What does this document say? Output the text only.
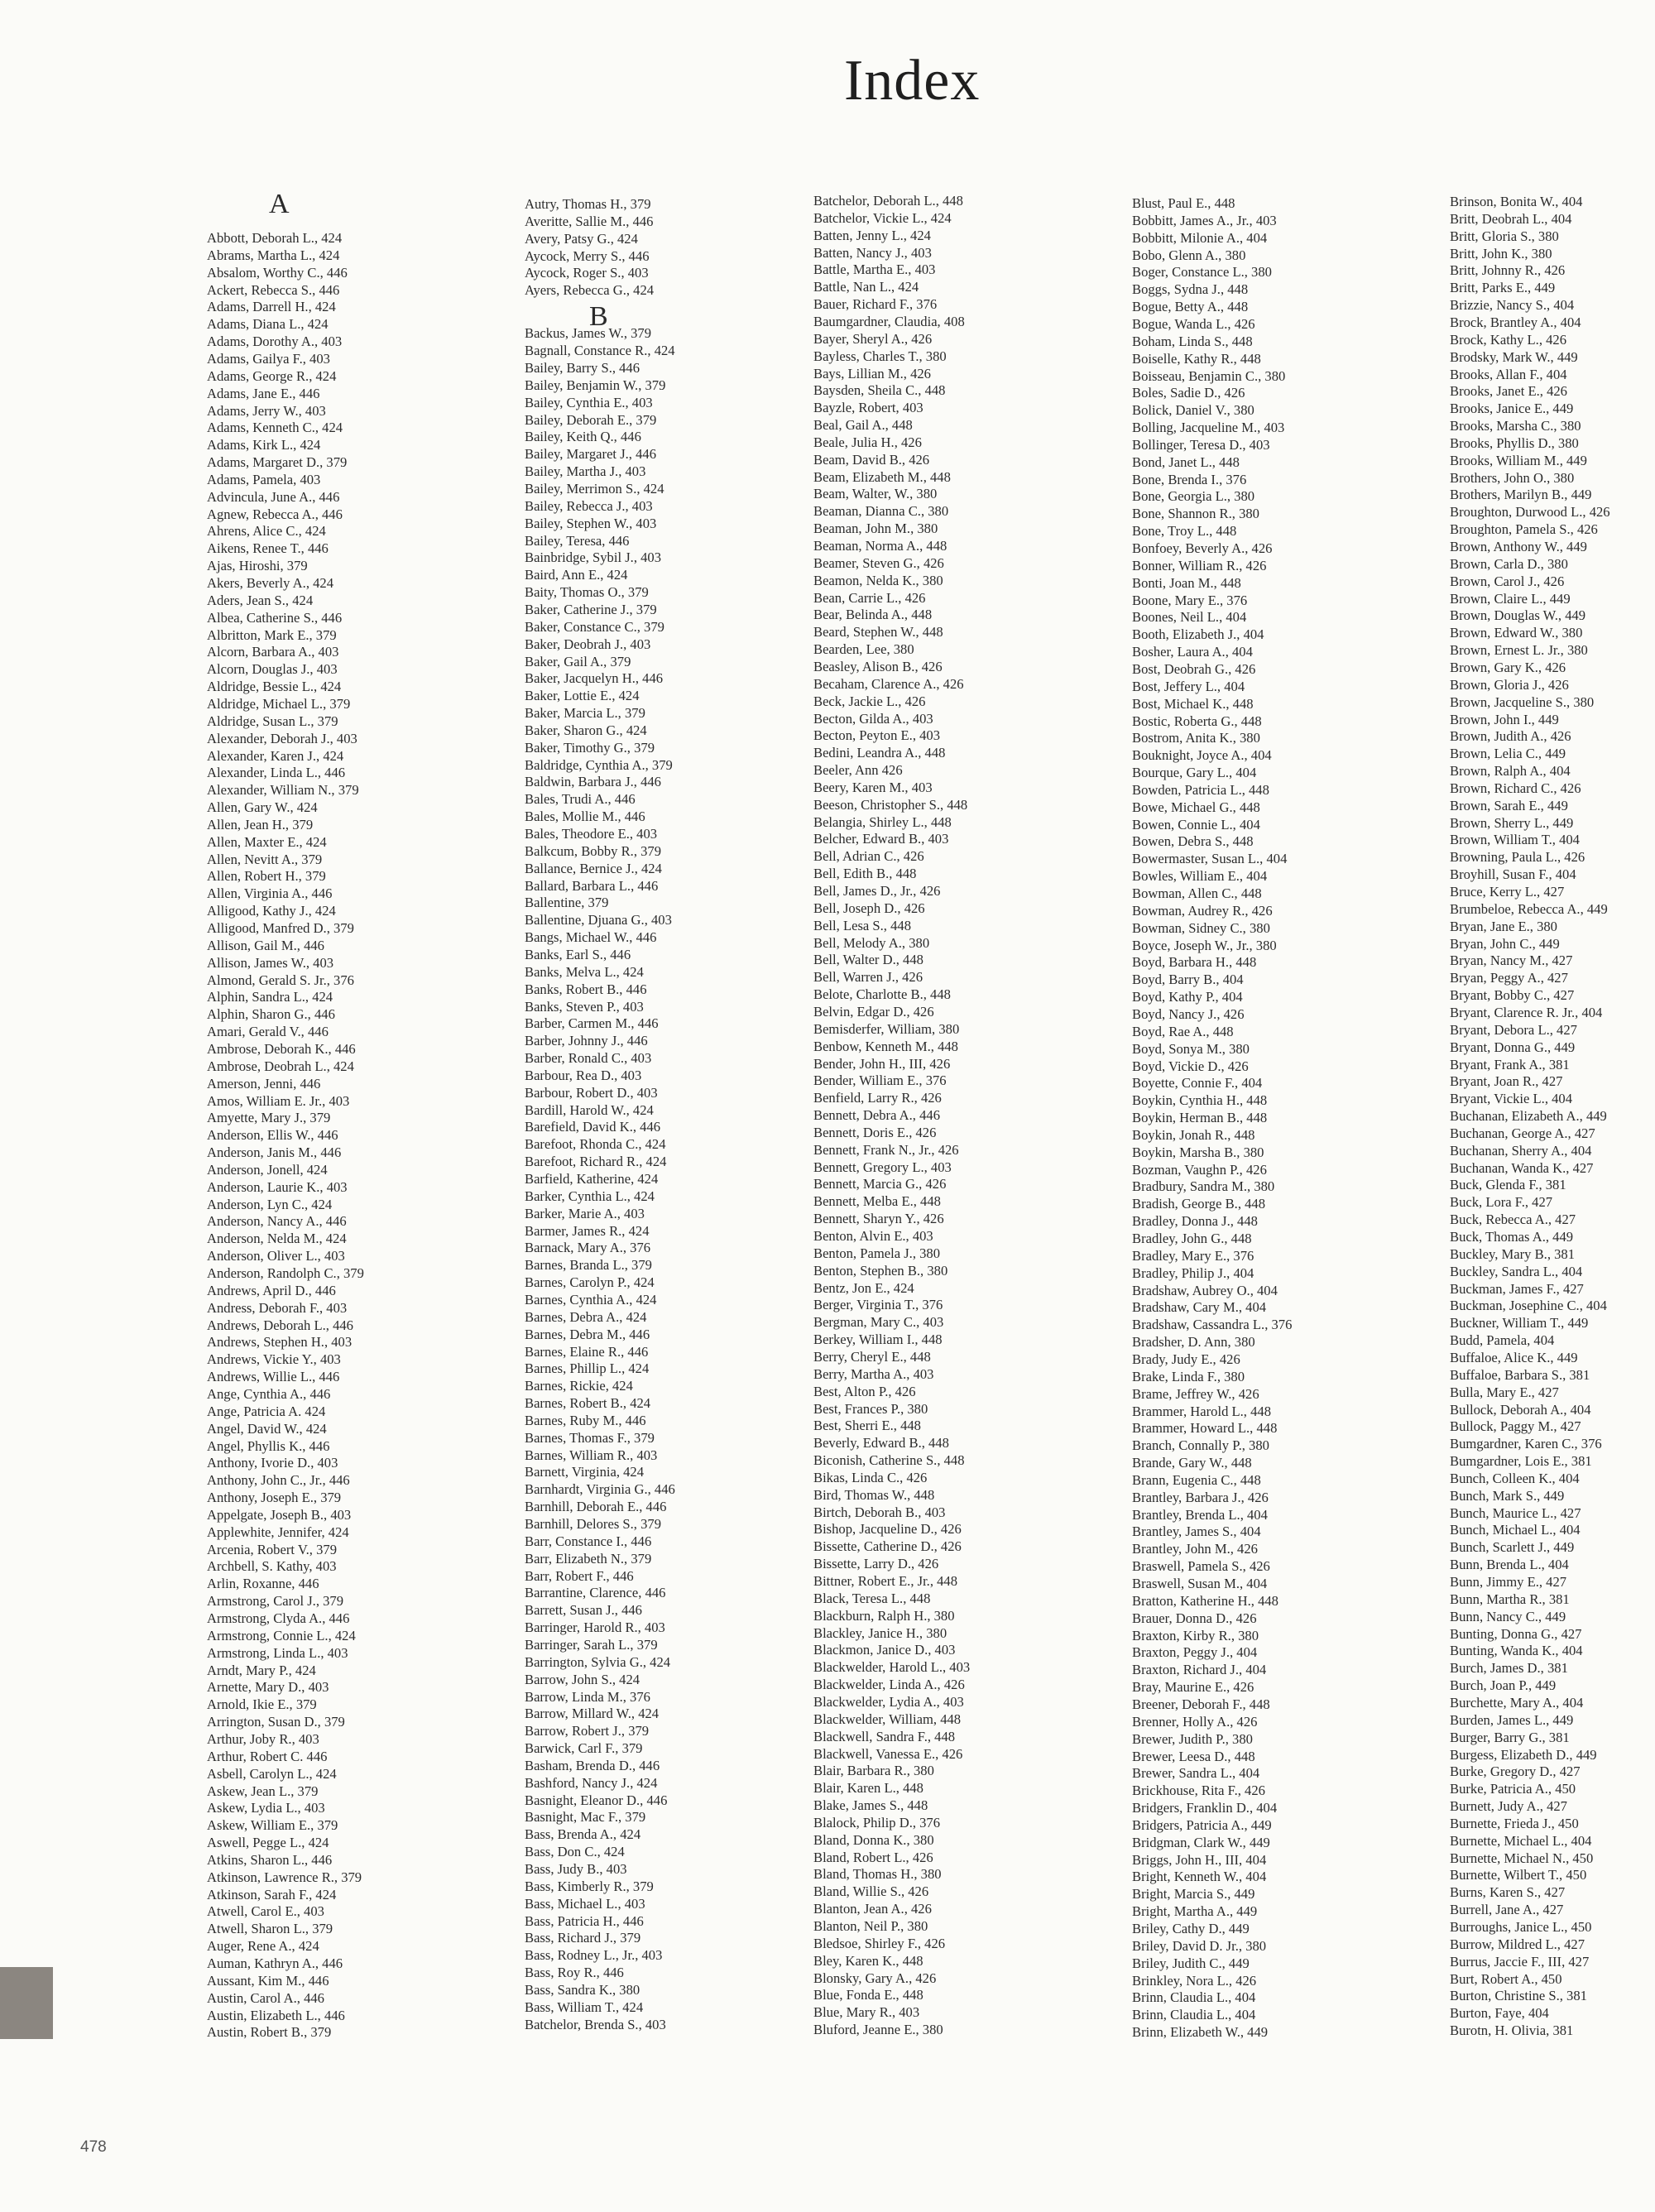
Index
Abbott, Deborah L., 424
Abrams, Martha L., 424
Absalom, Worthy C., 446
Ackert, Rebecca S., 446
Adams, Darrell H., 424
Adams, Diana L., 424
Adams, Dorothy A., 403
Adams, Gailya F., 403
Adams, George R., 424
Adams, Jane E., 446
Adams, Jerry W., 403
Adams, Kenneth C., 424
Adams, Kirk L., 424
Adams, Margaret D., 379
Adams, Pamela, 403
Advincula, June A., 446
Agnew, Rebecca A., 446
Ahrens, Alice C., 424
Aikens, Renee T., 446
Ajas, Hiroshi, 379
Akers, Beverly A., 424
Aders, Jean S., 424
Albea, Catherine S., 446
Albritton, Mark E., 379
Alcorn, Barbara A., 403
Alcorn, Douglas J., 403
Aldridge, Bessie L., 424
Aldridge, Michael L., 379
Aldridge, Susan L., 379
Alexander, Deborah J., 403
Alexander, Karen J., 424
Alexander, Linda L., 446
Alexander, William N., 379
Allen, Gary W., 424
Allen, Jean H., 379
Allen, Maxter E., 424
Allen, Nevitt A., 379
Allen, Robert H., 379
Allen, Virginia A., 446
Alligood, Kathy J., 424
Alligood, Manfred D., 379
Allison, Gail M., 446
Allison, James W., 403
Almond, Gerald S. Jr., 376
Alphin, Sandra L., 424
Alphin, Sharon G., 446
Amari, Gerald V., 446
Ambrose, Deborah K., 446
Ambrose, Deobrah L., 424
Amerson, Jenni, 446
Amos, William E. Jr., 403
Amyette, Mary J., 379
Anderson, Ellis W., 446
Anderson, Janis M., 446
Anderson, Jonell, 424
Anderson, Laurie K., 403
Anderson, Lyn C., 424
Anderson, Nancy A., 446
Anderson, Nelda M., 424
Anderson, Oliver L., 403
Anderson, Randolph C., 379
Andrews, April D., 446
Andress, Deborah F., 403
Andrews, Deborah L., 446
Andrews, Stephen H., 403
Andrews, Vickie Y., 403
Andrews, Willie L., 446
Ange, Cynthia A., 446
Ange, Patricia A. 424
Angel, David W., 424
Angel, Phyllis K., 446
Anthony, Ivorie D., 403
Anthony, John C., Jr., 446
Anthony, Joseph E., 379
Appelgate, Joseph B., 403
Applewhite, Jennifer, 424
Arcenia, Robert V., 379
Archbell, S. Kathy, 403
Arlin, Roxanne, 446
Armstrong, Carol J., 379
Armstrong, Clyda A., 446
Armstrong, Connie L., 424
Armstrong, Linda L., 403
Arndt, Mary P., 424
Arnette, Mary D., 403
Arnold, Ikie E., 379
Arrington, Susan D., 379
Arthur, Joby R., 403
Arthur, Robert C. 446
Asbell, Carolyn L., 424
Askew, Jean L., 379
Askew, Lydia L., 403
Askew, William E., 379
Aswell, Pegge L., 424
Atkins, Sharon L., 446
Atkinson, Lawrence R., 379
Atkinson, Sarah F., 424
Atwell, Carol E., 403
Atwell, Sharon L., 379
Auger, Rene A., 424
Auman, Kathryn A., 446
Aussant, Kim M., 446
Austin, Carol A., 446
Austin, Elizabeth L., 446
Austin, Robert B., 379
A	Autry, Thomas H., 379
Averitte, Sallie M., 446
Avery, Patsy G., 424
Aycock, Merry S., 446
Aycock, Roger S., 403
Ayers, Rebecca G., 424
Backus, James W., 379
Bagnall, Constance R., 424
Bailey, Barry S., 446
Bailey, Benjamin W., 379
Bailey, Cynthia E., 403
Bailey, Deborah E., 379
Bailey, Keith Q., 446
Bailey, Margaret J., 446
Bailey, Martha J., 403
Bailey, Merrimon S., 424
Bailey, Rebecca J., 403
Bailey, Stephen W., 403
Bailey, Teresa, 446
Bainbridge, Sybil J., 403
Baird, Ann E., 424
Baity, Thomas O., 379
Baker, Catherine J., 379
Baker, Constance C., 379
Baker, Deobrah J., 403
Baker, Gail A., 379
Baker, Jacquelyn H., 446
Baker, Lottie E., 424
Baker, Marcia L., 379
Baker, Sharon G., 424
Baker, Timothy G., 379
Baldridge, Cynthia A., 379
Baldwin, Barbara J., 446
Bales, Trudi A., 446
Bales, Mollie M., 446
Bales, Theodore E., 403
Balkcum, Bobby R., 379
Ballance, Bernice J., 424
Ballard, Barbara L., 446
Ballentine, 379
Ballentine, Djuana G., 403
Bangs, Michael W., 446
Banks, Earl S., 446
Banks, Melva L., 424
Banks, Robert B., 446
Banks, Steven P., 403
Barber, Carmen M., 446
Barber, Johnny J., 446
Barber, Ronald C., 403
Barbour, Rea D., 403
Barbour, Robert D., 403
Bardill, Harold W., 424
Barefield, David K., 446
Barefoot, Rhonda C., 424
Barefoot, Richard R., 424
Barfield, Katherine, 424
Barker, Cynthia L., 424
Barker, Marie A., 403
Barmer, James R., 424
Barnack, Mary A., 376
Barnes, Branda L., 379
Barnes, Carolyn P., 424
Barnes, Cynthia A., 424
Barnes, Debra A., 424
Barnes, Debra M., 446
Barnes, Elaine R., 446
Barnes, Phillip L., 424
Barnes, Rickie, 424
Barnes, Robert B., 424
Barnes, Ruby M., 446
Barnes, Thomas F., 379
Barnes, William R., 403
Barnett, Virginia, 424
Barnhardt, Virginia G., 446
Barnhill, Deborah E., 446
Barnhill, Delores S., 379
Barr, Constance I., 446
Barr, Elizabeth N., 379
Barr, Robert F., 446
Barrantine, Clarence, 446
Barrett, Susan J., 446
Barringer, Harold R., 403
Barringer, Sarah L., 379
Barrington, Sylvia G., 424
Barrow, John S., 424
Barrow, Linda M., 376
Barrow, Millard W., 424
Barrow, Robert J., 379
Barwick, Carl F., 379
Basham, Brenda D., 446
Bashford, Nancy J., 424
Basnight, Eleanor D., 446
Basnight, Mac F., 379
Bass, Brenda A., 424
Bass, Don C., 424
Bass, Judy B., 403
Bass, Kimberly R., 379
Bass, Michael L., 403
Bass, Patricia H., 446
Bass, Richard J., 379
Bass, Rodney L., Jr., 403
Bass, Roy R., 446
Bass, Sandra K., 380
Bass, William T., 424
Batchelor, Brenda S., 403
B
Batchelor, Deborah L., 448
Batchelor, Vickie L., 424
Batten, Jenny L., 424
Batten, Nancy J., 403
Battle, Martha E., 403
Battle, Nan L., 424
Bauer, Richard F., 376
Baumgardner, Claudia, 408
Bayer, Sheryl A., 426
Bayless, Charles T., 380
Bays, Lillian M., 426
Baysden, Sheila C., 448
Bayzle, Robert, 403
Beal, Gail A., 448
Beale, Julia H., 426
Beam, David B., 426
Beam, Elizabeth M., 448
Beam, Walter, W., 380
Beaman, Dianna C., 380
Beaman, John M., 380
Beaman, Norma A., 448
Beamer, Steven G., 426
Beamon, Nelda K., 380
Bean, Carrie L., 426
Bear, Belinda A., 448
Beard, Stephen W., 448
Bearden, Lee, 380
Beasley, Alison B., 426
Becaham, Clarence A., 426
Beck, Jackie L., 426
Becton, Gilda A., 403
Becton, Peyton E., 403
Bedini, Leandra A., 448
Beeler, Ann 426
Beery, Karen M., 403
Beeson, Christopher S., 448
Belangia, Shirley L., 448
Belcher, Edward B., 403
Bell, Adrian C., 426
Bell, Edith B., 448
Bell, James D., Jr., 426
Bell, Joseph D., 426
Bell, Lesa S., 448
Bell, Melody A., 380
Bell, Walter D., 448
Bell, Warren J., 426
Belote, Charlotte B., 448
Belvin, Edgar D., 426
Bemisderfer, William, 380
Benbow, Kenneth M., 448
Bender, John H., III, 426
Bender, William E., 376
Benfield, Larry R., 426
Bennett, Debra A., 446
Bennett, Doris E., 426
Bennett, Frank N., Jr., 426
Bennett, Gregory L., 403
Bennett, Marcia G., 426
Bennett, Melba E., 448
Bennett, Sharyn Y., 426
Benton, Alvin E., 403
Benton, Pamela J., 380
Benton, Stephen B., 380
Bentz, Jon E., 424
Berger, Virginia T., 376
Bergman, Mary C., 403
Berkey, William I., 448
Berry, Cheryl E., 448
Berry, Martha A., 403
Best, Alton P., 426
Best, Frances P., 380
Best, Sherri E., 448
Beverly, Edward B., 448
Biconish, Catherine S., 448
Bikas, Linda C., 426
Bird, Thomas W., 448
Birtch, Deborah B., 403
Bishop, Jacqueline D., 426
Bissette, Catherine D., 426
Bissette, Larry D., 426
Bittner, Robert E., Jr., 448
Black, Teresa L., 448
Blackburn, Ralph H., 380
Blackley, Janice H., 380
Blackmon, Janice D., 403
Blackwelder, Harold L., 403
Blackwelder, Linda A., 426
Blackwelder, Lydia A., 403
Blackwelder, William, 448
Blackwell, Sandra F., 448
Blackwell, Vanessa E., 426
Blair, Barbara R., 380
Blair, Karen L., 448
Blake, James S., 448
Blalock, Philip D., 376
Bland, Donna K., 380
Bland, Robert L., 426
Bland, Thomas H., 380
Bland, Willie S., 426
Blanton, Jean A., 426
Blanton, Neil P., 380
Bledsoe, Shirley F., 426
Bley, Karen K., 448
Blonsky, Gary A., 426
Blue, Fonda E., 448
Blue, Mary R., 403
Bluford, Jeanne E., 380
Blust, Paul E., 448
Bobbitt, James A., Jr., 403
Bobbitt, Milonie A., 404
Bobo, Glenn A., 380
Boger, Constance L., 380
Boggs, Sydna J., 448
Bogue, Betty A., 448
Bogue, Wanda L., 426
Boham, Linda S., 448
Boiselle, Kathy R., 448
Boisseau, Benjamin C., 380
Boles, Sadie D., 426
Bolick, Daniel V., 380
Bolling, Jacqueline M., 403
Bollinger, Teresa D., 403
Bond, Janet L., 448
Bone, Brenda I., 376
Bone, Georgia L., 380
Bone, Shannon R., 380
Bone, Troy L., 448
Bonfoey, Beverly A., 426
Bonner, William R., 426
Bonti, Joan M., 448
Boone, Mary E., 376
Boones, Neil L., 404
Booth, Elizabeth J., 404
Bosher, Laura A., 404
Bost, Deobrah G., 426
Bost, Jeffery L., 404
Bost, Michael K., 448
Bostic, Roberta G., 448
Bostrom, Anita K., 380
Bouknight, Joyce A., 404
Bourque, Gary L., 404
Bowden, Patricia L., 448
Bowe, Michael G., 448
Bowen, Connie L., 404
Bowen, Debra S., 448
Bowermaster, Susan L., 404
Bowles, William E., 404
Bowman, Allen C., 448
Bowman, Audrey R., 426
Bowman, Sidney C., 380
Boyce, Joseph W., Jr., 380
Boyd, Barbara H., 448
Boyd, Barry B., 404
Boyd, Kathy P., 404
Boyd, Nancy J., 426
Boyd, Rae A., 448
Boyd, Sonya M., 380
Boyd, Vickie D., 426
Boyette, Connie F., 404
Boykin, Cynthia H., 448
Boykin, Herman B., 448
Boykin, Jonah R., 448
Boykin, Marsha B., 380
Bozman, Vaughn P., 426
Bradbury, Sandra M., 380
Bradish, George B., 448
Bradley, Donna J., 448
Bradley, John G., 448
Bradley, Mary E., 376
Bradley, Philip J., 404
Bradshaw, Aubrey O., 404
Bradshaw, Cary M., 404
Bradshaw, Cassandra L., 376
Bradsher, D. Ann, 380
Brady, Judy E., 426
Brake, Linda F., 380
Brame, Jeffrey W., 426
Brammer, Harold L., 448
Brammer, Howard L., 448
Branch, Connally P., 380
Brande, Gary W., 448
Brann, Eugenia C., 448
Brantley, Barbara J., 426
Brantley, Brenda L., 404
Brantley, James S., 404
Brantley, John M., 426
Braswell, Pamela S., 426
Braswell, Susan M., 404
Bratton, Katherine H., 448
Brauer, Donna D., 426
Braxton, Kirby R., 380
Braxton, Peggy J., 404
Braxton, Richard J., 404
Bray, Maurine E., 426
Breener, Deborah F., 448
Brenner, Holly A., 426
Brewer, Judith P., 380
Brewer, Leesa D., 448
Brewer, Sandra L., 404
Brickhouse, Rita F., 426
Bridgers, Franklin D., 404
Bridgers, Patricia A., 449
Bridgman, Clark W., 449
Briggs, John H., III, 404
Bright, Kenneth W., 404
Bright, Marcia S., 449
Bright, Martha A., 449
Briley, Cathy D., 449
Briley, David D. Jr., 380
Briley, Judith C., 449
Brinkley, Nora L., 426
Brinn, Claudia L., 404
Brinn, Claudia L., 404
Brinn, Elizabeth W., 449
Brinson, Bonita W., 404
Britt, Deobrah L., 404
Britt, Gloria S., 380
Britt, John K., 380
Britt, Johnny R., 426
Britt, Parks E., 449
Brizzie, Nancy S., 404
Brock, Brantley A., 404
Brock, Kathy L., 426
Brodsky, Mark W., 449
Brooks, Allan F., 404
Brooks, Janet E., 426
Brooks, Janice E., 449
Brooks, Marsha C., 380
Brooks, Phyllis D., 380
Brooks, William M., 449
Brothers, John O., 380
Brothers, Marilyn B., 449
Broughton, Durwood L., 426
Broughton, Pamela S., 426
Brown, Anthony W., 449
Brown, Carla D., 380
Brown, Carol J., 426
Brown, Claire L., 449
Brown, Douglas W., 449
Brown, Edward W., 380
Brown, Ernest L. Jr., 380
Brown, Gary K., 426
Brown, Gloria J., 426
Brown, Jacqueline S., 380
Brown, John I., 449
Brown, Judith A., 426
Brown, Lelia C., 449
Brown, Ralph A., 404
Brown, Richard C., 426
Brown, Sarah E., 449
Brown, Sherry L., 449
Brown, William T., 404
Browning, Paula L., 426
Broyhill, Susan F., 404
Bruce, Kerry L., 427
Brumbeloe, Rebecca A., 449
Bryan, Jane E., 380
Bryan, John C., 449
Bryan, Nancy M., 427
Bryan, Peggy A., 427
Bryant, Bobby C., 427
Bryant, Clarence R. Jr., 404
Bryant, Debora L., 427
Bryant, Donna G., 449
Bryant, Frank A., 381
Bryant, Joan R., 427
Bryant, Vickie L., 404
Buchanan, Elizabeth A., 449
Buchanan, George A., 427
Buchanan, Sherry A., 404
Buchanan, Wanda K., 427
Buck, Glenda F., 381
Buck, Lora F., 427
Buck, Rebecca A., 427
Buck, Thomas A., 449
Buckley, Mary B., 381
Buckley, Sandra L., 404
Buckman, James F., 427
Buckman, Josephine C., 404
Buckner, William T., 449
Budd, Pamela, 404
Buffaloe, Alice K., 449
Buffaloe, Barbara S., 381
Bulla, Mary E., 427
Bullock, Deborah A., 404
Bullock, Paggy M., 427
Bumgardner, Karen C., 376
Bumgardner, Lois E., 381
Bunch, Colleen K., 404
Bunch, Mark S., 449
Bunch, Maurice L., 427
Bunch, Michael L., 404
Bunch, Scarlett J., 449
Bunn, Brenda L., 404
Bunn, Jimmy E., 427
Bunn, Martha R., 381
Bunn, Nancy C., 449
Bunting, Donna G., 427
Bunting, Wanda K., 404
Burch, James D., 381
Burch, Joan P., 449
Burchette, Mary A., 404
Burden, James L., 449
Burger, Barry G., 381
Burgess, Elizabeth D., 449
Burke, Gregory D., 427
Burke, Patricia A., 450
Burnett, Judy A., 427
Burnette, Frieda J., 450
Burnette, Michael L., 404
Burnette, Michael N., 450
Burnette, Wilbert T., 450
Burns, Karen S., 427
Burrell, Jane A., 427
Burroughs, Janice L., 450
Burrow, Mildred L., 427
Burrus, Jaccie F., III, 427
Burt, Robert A., 450
Burton, Christine S., 381
Burton, Faye, 404
Burotn, H. Olivia, 381
478
